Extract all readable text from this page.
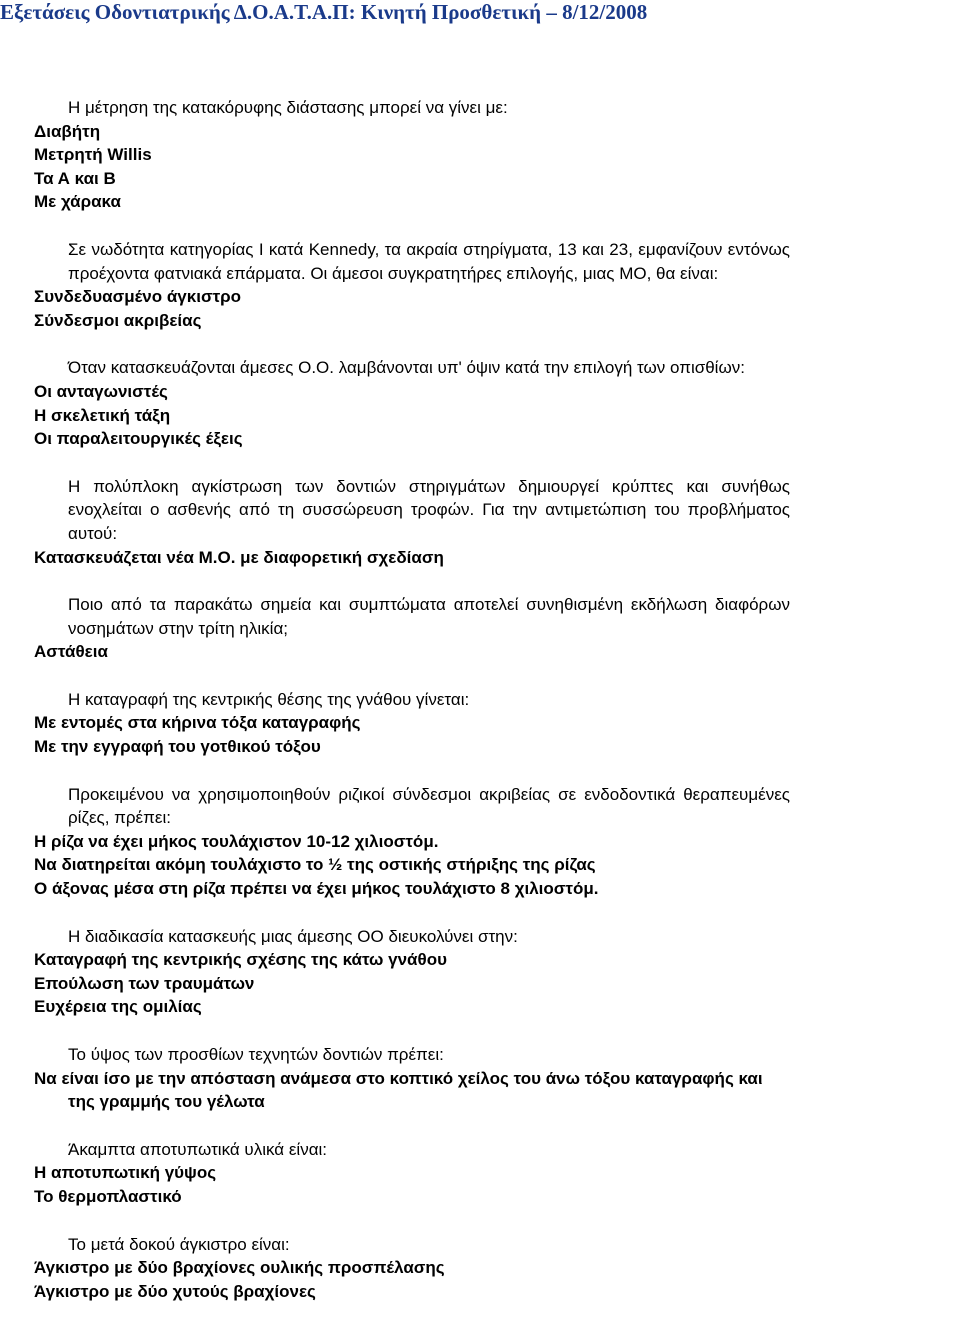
Εξετάσεις Οδοντιατρικής Δ.Ο.Α.Τ.Α.Π: Κινητή Προσθετική – 8/12/2008

Η μέτρηση της κατακόρυφης διάστασης μπορεί να γίνει με:

Διαβήτη
Μετρητή Willis
Τα Α και Β
Με χάρακα

Σε νωδότητα κατηγορίας Ι κατά Kennedy, τα ακραία στηρίγματα, 13 και 23, εμφανίζουν εντόνως προέχοντα φατνιακά επάρματα. Οι άμεσοι συγκρατητήρες επιλογής, μιας ΜΟ, θα είναι:

Συνδεδυασμένο άγκιστρο
Σύνδεσμοι ακριβείας

Όταν κατασκευάζονται άμεσες Ο.Ο. λαμβάνονται υπ' όψιν κατά την επιλογή των οπισθίων:

Οι ανταγωνιστές
Η σκελετική τάξη
Οι παραλειτουργικές έξεις

Η πολύπλοκη αγκίστρωση των δοντιών στηριγμάτων δημιουργεί κρύπτες και συνήθως ενοχλείται ο ασθενής από τη συσσώρευση τροφών. Για την αντιμετώπιση του προβλήματος αυτού:

Κατασκευάζεται νέα Μ.Ο. με διαφορετική σχεδίαση

Ποιο από τα παρακάτω σημεία και συμπτώματα αποτελεί συνηθισμένη εκδήλωση διαφόρων νοσημάτων στην τρίτη ηλικία;

Αστάθεια

Η καταγραφή της κεντρικής θέσης της γνάθου γίνεται:

Με εντομές στα κήρινα τόξα καταγραφής
Με την εγγραφή του γοτθικού τόξου

Προκειμένου να χρησιμοποιηθούν ριζικοί σύνδεσμοι ακριβείας σε ενδοδοντικά θεραπευμένες ρίζες, πρέπει:

Η ρίζα να έχει μήκος τουλάχιστον 10-12 χιλιοστόμ.
Να διατηρείται ακόμη τουλάχιστο το ½ της οστικής στήριξης της ρίζας
Ο άξονας μέσα στη ρίζα πρέπει να έχει μήκος τουλάχιστο 8 χιλιοστόμ.

Η διαδικασία κατασκευής μιας άμεσης ΟΟ διευκολύνει στην:

Καταγραφή της κεντρικής σχέσης της κάτω γνάθου
Επούλωση των τραυμάτων
Ευχέρεια της ομιλίας

Το ύψος των προσθίων τεχνητών δοντιών πρέπει:

Να είναι ίσο με την απόσταση ανάμεσα στο κοπτικό χείλος του άνω τόξου καταγραφής και της γραμμής του γέλωτα

Άκαμπτα αποτυπωτικά υλικά είναι:

Η αποτυπωτική γύψος
Το θερμοπλαστικό

Το μετά δοκού άγκιστρο είναι:

Άγκιστρο με δύο βραχίονες ουλικής προσπέλασης
Άγκιστρο με δύο χυτούς βραχίονες
